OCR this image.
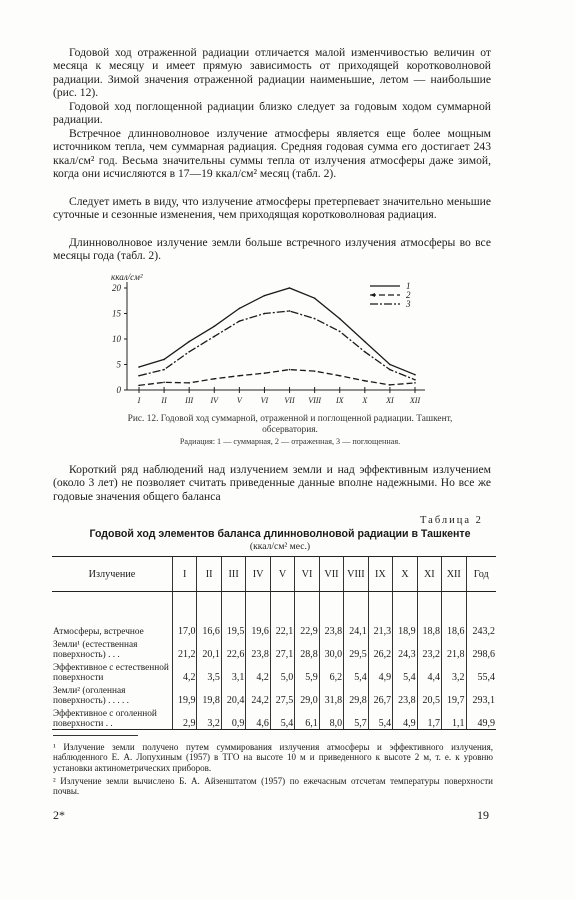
Годовой ход отраженной радиации отличается малой изменчивостью величин от месяца к месяцу и имеет прямую зависимость от приходящей коротковолновой радиации. Зимой значения отраженной радиации наименьшие, летом — наибольшие (рис. 12).

Годовой ход поглощенной радиации близко следует за годовым ходом суммарной радиации.

Встречное длинноволновое излучение атмосферы является еще более мощным источником тепла, чем суммарная радиация. Средняя годовая сумма его достигает 243 ккал/см² год. Весьма значительны суммы тепла от излучения атмосферы даже зимой, когда они исчисляются в 17—19 ккал/см² месяц (табл. 2).

Следует иметь в виду, что излучение атмосферы претерпевает значительно меньшие суточные и сезонные изменения, чем приходящая коротковолновая радиация.

Длинноволновое излучение земли больше встречного излучения атмосферы во все месяцы года (табл. 2).

ккал/см²
0
5
10
15
20
I	II III IV V VI VII VIII IX X XI XII
1
2
3
Рис. 12. Годовой ход суммарной, отраженной и поглощенной радиации. Ташкент, обсерватория.
Радиация: 1 — суммарная, 2 — отраженная, 3 — поглощенная.

Короткий ряд наблюдений над излучением земли и над эффективным излучением (около 3 лет) не позволяет считать приведенные данные вполне надежными. Но все же годовые значения общего баланса

Таблица 2
Годовой ход элементов баланса длинноволновой радиации в Ташкенте
(ккал/см² мес.)
Излучение	I	II	III	IV	V	VI	VII	VIII	IX	X	XI	XII	Год
Атмосферы, встречное	17,0	16,6	19,5	19,6	22,1	22,9	23,8	24,1	21,3	18,9	18,8	18,6	243,2
Земли¹ (естественная поверхность) . . .	21,2	20,1	22,6	23,8	27,1	28,8	30,0	29,5	26,2	24,3	23,2	21,8	298,6
Эффективное с естественной поверхности	4,2	3,5	3,1	4,2	5,0	5,9	6,2	5,4	4,9	5,4	4,4	3,2	55,4
Земли² (оголенная поверхность) . . . . .	19,9	19,8	20,4	24,2	27,5	29,0	31,8	29,8	26,7	23,8	20,5	19,7	293,1
Эффективное с оголенной поверхности . .	2,9	3,2	0,9	4,6	5,4	6,1	8,0	5,7	5,4	4,9	1,7	1,1	49,9
¹ Излучение земли получено путем суммирования излучения атмосферы и эффективного излучения, наблюденного Е. А. Лопухиным (1957) в ТГО на высоте 10 м и приведенного к высоте 2 м, т. е. к уровню установки актинометрических приборов.
² Излучение земли вычислено Б. А. Айзенштатом (1957) по ежечасным отсчетам температуры поверхности почвы.
2*	19
